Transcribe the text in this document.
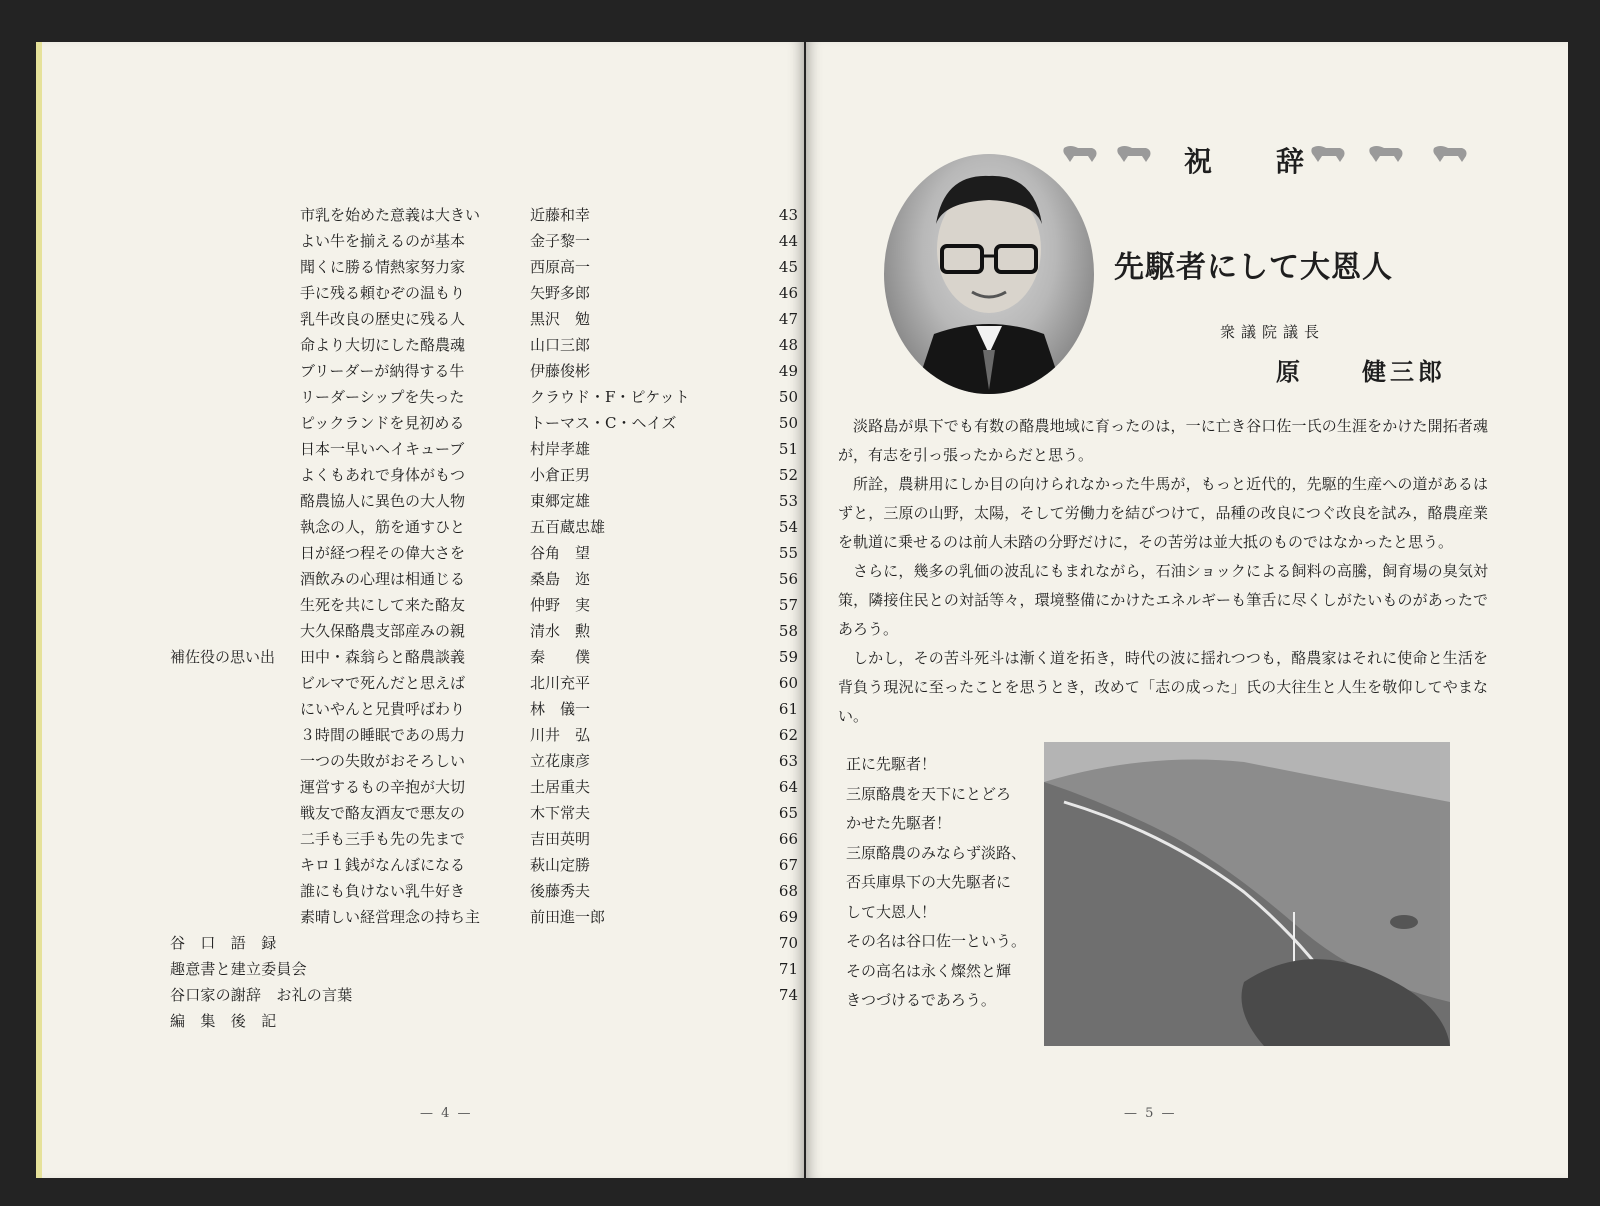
市乳を始めた意義は大きい	近藤和幸	43
よい牛を揃えるのが基本	金子黎一	44
聞くに勝る情熱家努力家	西原高一	45
手に残る頼むぞの温もり	矢野多郎	46
乳牛改良の歴史に残る人	黒沢　勉	47
命より大切にした酪農魂	山口三郎	48
ブリーダーが納得する牛	伊藤俊彬	49
リーダーシップを失った	クラウド・F・ピケット	50
ピックランドを見初める	トーマス・C・ヘイズ	50
日本一早いヘイキューブ	村岸孝雄	51
よくもあれで身体がもつ	小倉正男	52
酪農協人に異色の大人物	東郷定雄	53
執念の人，筋を通すひと	五百蔵忠雄	54
日が経つ程その偉大さを	谷角　望	55
酒飲みの心理は相通じる	桑島　迩	56
生死を共にして来た酪友	仲野　実	57
大久保酪農支部産みの親	清水　勲	58
補佐役の思い出 田中・森翁らと酪農談義	秦　　僕	59
ビルマで死んだと思えば	北川充平	60
にいやんと兄貴呼ばわり	林　儀一	61
３時間の睡眠であの馬力	川井　弘	62
一つの失敗がおそろしい	立花康彦	63
運営するもの辛抱が大切	土居重夫	64
戦友で酪友酒友で悪友の	木下常夫	65
二手も三手も先の先まで	吉田英明	66
キロ１銭がなんぼになる	萩山定勝	67
誰にも負けない乳牛好き	後藤秀夫	68
素晴しい経営理念の持ち主	前田進一郎	69
谷　口　語　録	70
趣意書と建立委員会	71
谷口家の謝辞　お礼の言葉	74
編　集　後　記
— 4 —
祝 辞
先駆者にして大恩人
衆議院議長
原	健三郎

淡路島が県下でも有数の酪農地域に育ったのは，一に亡き谷口佐一氏の生涯をかけた開拓者魂が，有志を引っ張ったからだと思う。

所詮，農耕用にしか目の向けられなかった牛馬が，もっと近代的，先駆的生産への道があるはずと，三原の山野，太陽，そして労働力を結びつけて，品種の改良につぐ改良を試み，酪農産業を軌道に乗せるのは前人未踏の分野だけに，その苦労は並大抵のものではなかったと思う。

さらに，幾多の乳価の波乱にもまれながら，石油ショックによる飼料の高騰，飼育場の臭気対策，隣接住民との対話等々，環境整備にかけたエネルギーも筆舌に尽くしがたいものがあったであろう。

しかし，その苦斗死斗は漸く道を拓き，時代の波に揺れつつも，酪農家はそれに使命と生活を背負う現況に至ったことを思うとき，改めて「志の成った」氏の大往生と人生を敬仰してやまない。

正に先駆者！
三原酪農を天下にとどろ
かせた先駆者！
三原酪農のみならず淡路、
否兵庫県下の大先駆者に
して大恩人！
その名は谷口佐一という。
その高名は永く燦然と輝
きつづけるであろう。
— 5 —
